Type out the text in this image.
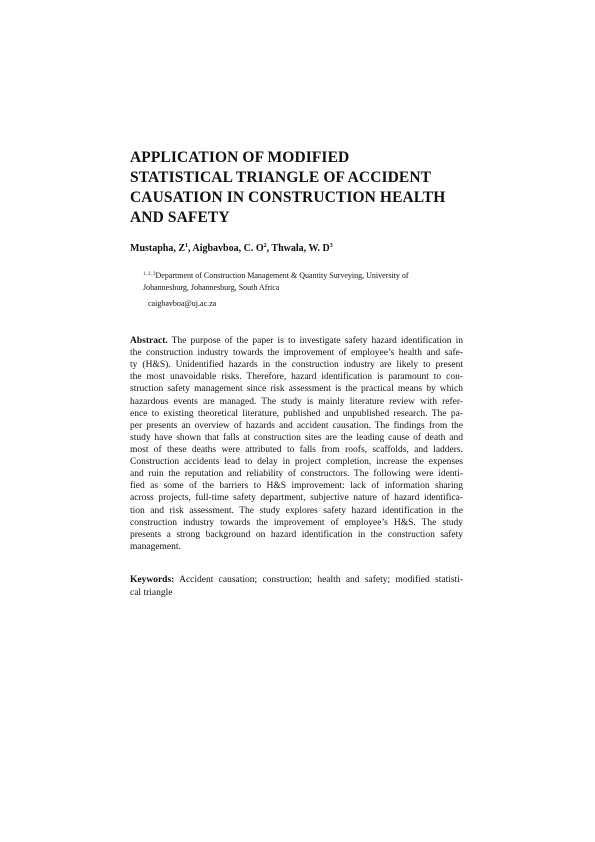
APPLICATION OF MODIFIED
STATISTICAL TRIANGLE OF ACCIDENT
CAUSATION IN CONSTRUCTION HEALTH
AND SAFETY
Mustapha, $Z^1$, Aigbavboa, C. $O^2$, Thwala, W. $D^3$
$^{1, 2, 3}$Department of Construction Management & Quantity Surveying, University of
Johannesburg, Johannesburg, South Africa
caigbavboa@uj.ac.za
Abstract. The purpose of the paper is to investigate safety hazard identification in
the construction industry towards the improvement of employee’s health and safe-
ty (H&S). Unidentified hazards in the construction industry are likely to present
the most unavoidable risks. Therefore, hazard identification is paramount to con-
struction safety management since risk assessment is the practical means by which
hazardous events are managed. The study is mainly literature review with refer-
ence to existing theoretical literature, published and unpublished research. The pa-
per presents an overview of hazards and accident causation. The findings from the
study have shown that falls at construction sites are the leading cause of death and
most of these deaths were attributed to falls from roofs, scaffolds, and ladders.
Construction accidents lead to delay in project completion, increase the expenses
and ruin the reputation and reliability of constructors. The following were identi-
fied as some of the barriers to H&S improvement: lack of information sharing
across projects, full-time safety department, subjective nature of hazard identifica-
tion and risk assessment. The study explores safety hazard identification in the
construction industry towards the improvement of employee’s H&S. The study
presents a strong background on hazard identification in the construction safety
management.
Keywords: Accident causation; construction; health and safety; modified statisti-
cal triangle
